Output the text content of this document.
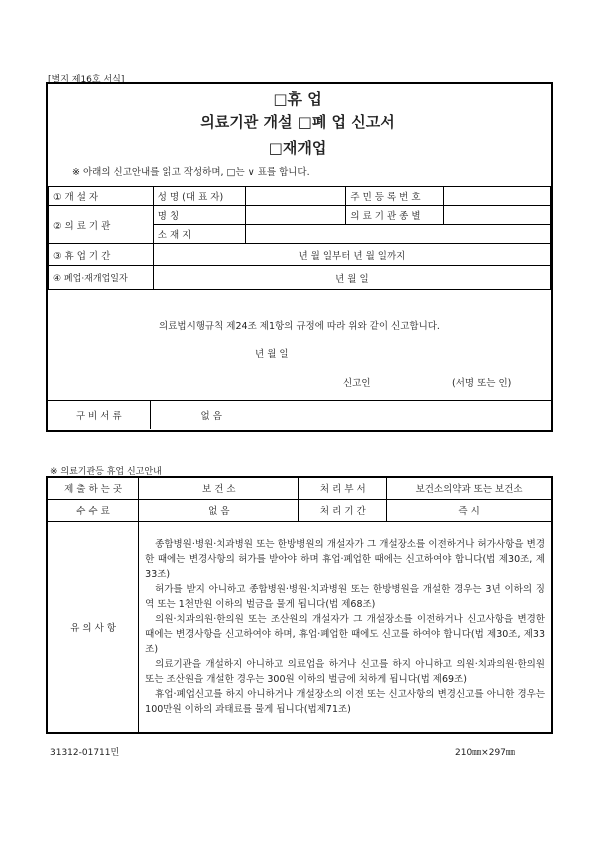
[별지 제16호 서식]
□휴 업
의료기관 개설 □폐 업 신고서
□재개업
※ 아래의 신고안내를 읽고 작성하며, □는 ∨ 표를 합니다.
① 개 설 자	성 명 (대 표 자)		주 민 등 록 번 호	
② 의 료 기 관	명 칭		의 료 기 관 종 별	
	소 재 지			
③ 휴 업 기 간	년 월 일부터 년 월 일까지			
④ 폐업·재개업일자	년 월 일			
의료법시행규칙 제24조 제1항의 규정에 따라 위와 같이 신고합니다.
년 월 일
신고인	(서명 또는 인)
구 비 서 류	없 음
※ 의료기관등 휴업 신고안내
제 출 하 는 곳	보 건 소	처 리 부 서	보건소의약과 또는 보건소
수 수 료	없 음	처 리 기 간	즉 시
유 의 사 항	종합병원·병원·치과병원 또는 한방병원의 개설자가 그 개설장소를 이전하거나 허가사항을 변경한 때에는 변경사항의 허가를 받아야 하며 휴업·폐업한 때에는 신고하여야 합니다(법 제30조, 제33조)
허가를 받지 아니하고 종합병원·병원·치과병원 또는 한방병원을 개설한 경우는 3년 이하의 징역 또는 1천만원 이하의 벌금을 물게 됩니다(법 제68조)
의원·치과의원·한의원 또는 조산원의 개설자가 그 개설장소를 이전하거나 신고사항을 변경한 때에는 변경사항을 신고하여야 하며, 휴업·폐업한 때에도 신고를 하여야 합니다(법 제30조, 제33조)
의료기관을 개설하지 아니하고 의료업을 하거나 신고를 하지 아니하고 의원·치과의원·한의원 또는 조산원을 개설한 경우는 300원 이하의 벌금에 처하게 됩니다(법 제69조)
휴업·폐업신고를 하지 아니하거나 개설장소의 이전 또는 신고사항의 변경신고를 아니한 경우는 100만원 이하의 과태료를 물게 됩니다(법제71조)		
31312-01711민	210㎜×297㎜
